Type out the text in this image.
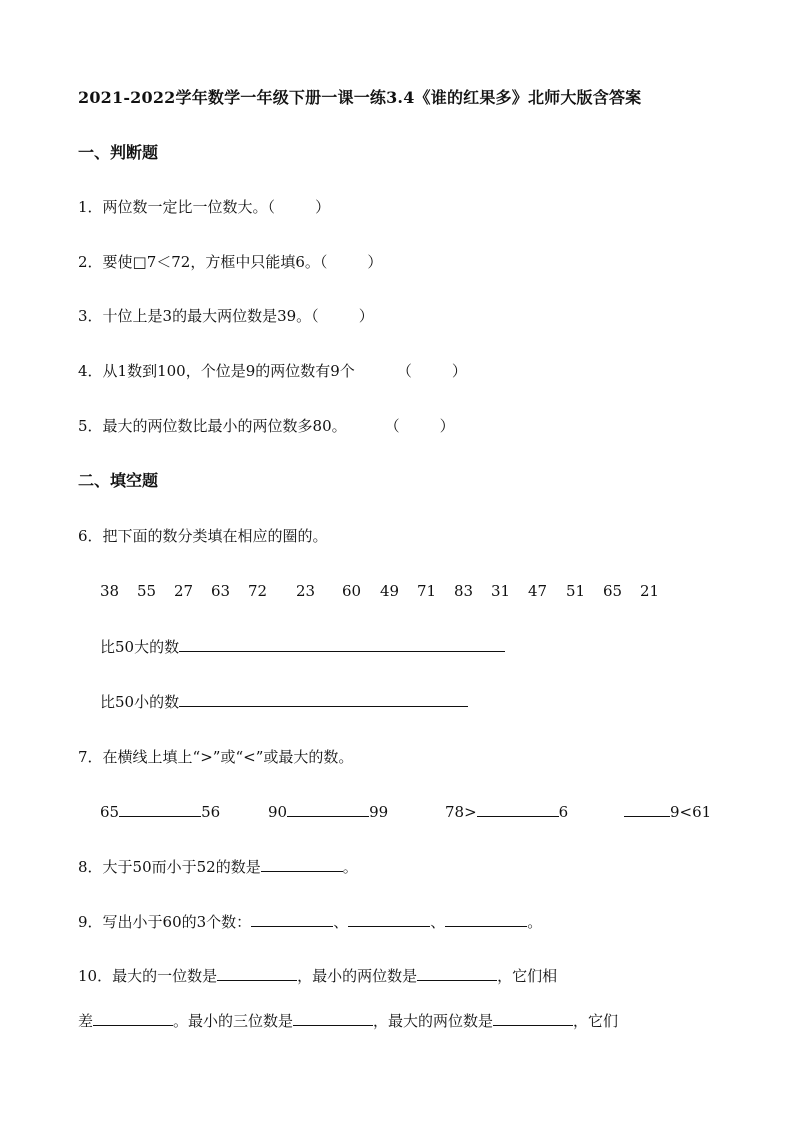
2021-2022学年数学一年级下册一课一练3.4《谁的红果多》北师大版含答案
一、判断题
1．两位数一定比一位数大。（	）
2．要使□7＜72，方框中只能填6。（	）
3．十位上是3的最大两位数是39。（	）
4．从1数到100，个位是9的两位数有9个	（	）
5．最大的两位数比最小的两位数多80。	（	）
二、填空题
6．把下面的数分类填在相应的圈的。
38 55 27 63 72 23 60 49 71 83 31 47 51 65 21
比50大的数
比50小的数
7．在横线上填上“>”或“<”或最大的数。
65	56	90	99	78>	6	9<61
8．大于50而小于52的数是	。
9．写出小于60的3个数：	、	、	。
10．最大的一位数是	，最小的两位数是	，它们相
差	。最小的三位数是	，最大的两位数是	，它们
